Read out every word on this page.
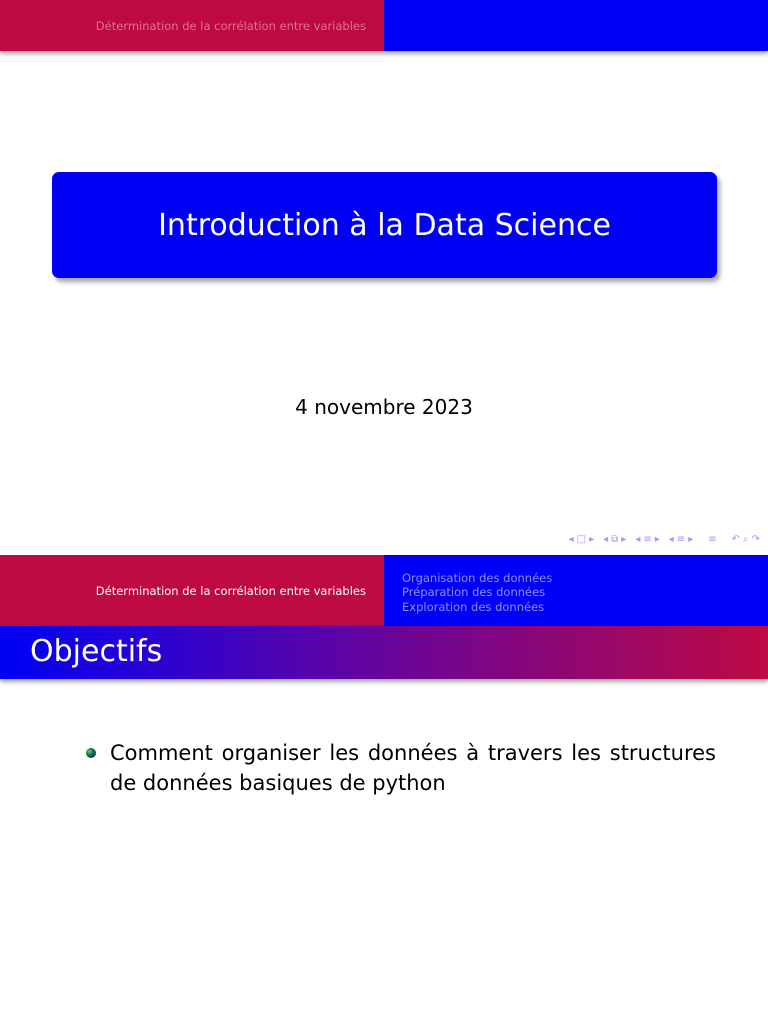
Détermination de la corrélation entre variables
Introduction à la Data Science
4 novembre 2023
◂ □ ▸ ◂ ⧉ ▸ ◂ ≡ ▸ ◂ ≡ ▸ ≡ ↶ ⌕ ↷
Détermination de la corrélation entre variables
Organisation des données
Préparation des données
Exploration des données
Objectifs
Comment organiser les données à travers les structures de données basiques de python
